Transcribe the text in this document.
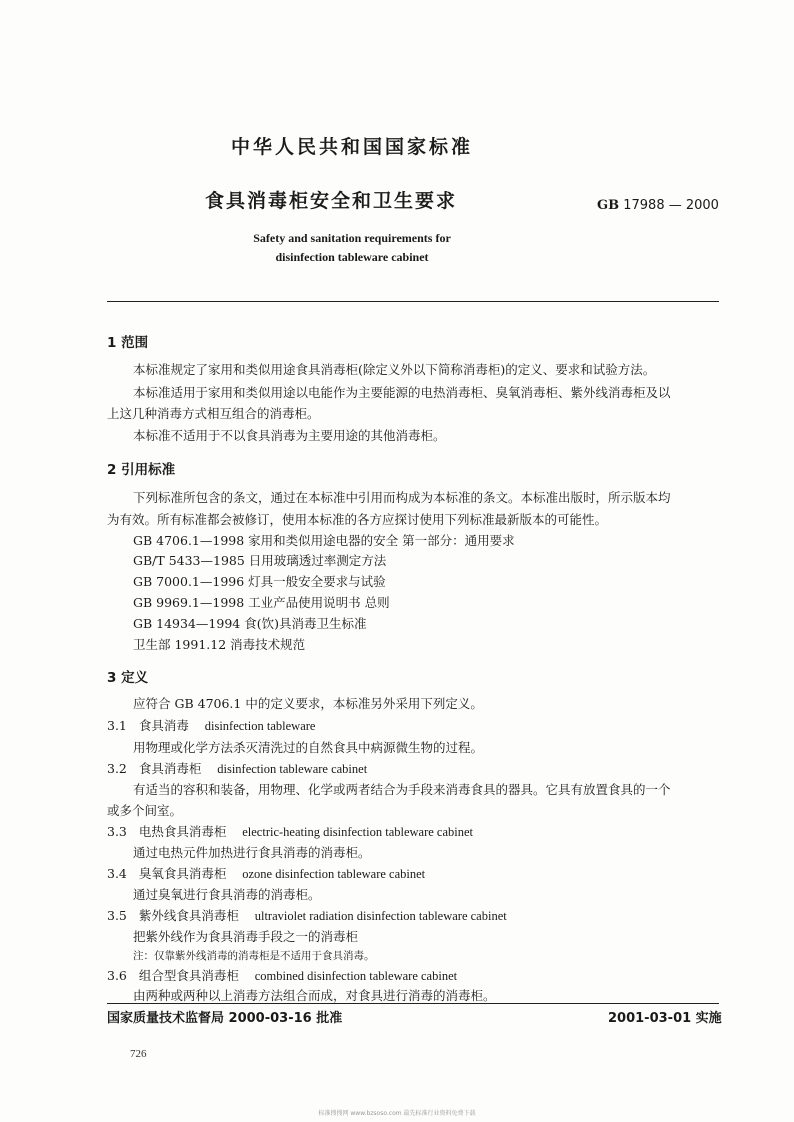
中华人民共和国国家标准
食具消毒柜安全和卫生要求	GB 17988 — 2000
Safety and sanitation requirements for
disinfection tableware cabinet
1 范围
本标准规定了家用和类似用途食具消毒柜(除定义外以下简称消毒柜)的定义、要求和试验方法。
本标准适用于家用和类似用途以电能作为主要能源的电热消毒柜、臭氧消毒柜、紫外线消毒柜及以
上这几种消毒方式相互组合的消毒柜。
本标准不适用于不以食具消毒为主要用途的其他消毒柜。
2 引用标准
下列标准所包含的条文，通过在本标准中引用而构成为本标准的条文。本标准出版时，所示版本均
为有效。所有标准都会被修订，使用本标准的各方应探讨使用下列标准最新版本的可能性。
GB 4706.1—1998 家用和类似用途电器的安全 第一部分：通用要求
GB/T 5433—1985 日用玻璃透过率测定方法
GB 7000.1—1996 灯具一般安全要求与试验
GB 9969.1—1998 工业产品使用说明书 总则
GB 14934—1994 食(饮)具消毒卫生标准
卫生部 1991.12 消毒技术规范
3 定义
应符合 GB 4706.1 中的定义要求，本标准另外采用下列定义。
3.1 食具消毒 disinfection tableware
用物理或化学方法杀灭清洗过的自然食具中病源微生物的过程。
3.2 食具消毒柜 disinfection tableware cabinet
有适当的容积和装备，用物理、化学或两者结合为手段来消毒食具的器具。它具有放置食具的一个
或多个间室。
3.3 电热食具消毒柜 electric-heating disinfection tableware cabinet
通过电热元件加热进行食具消毒的消毒柜。
3.4 臭氧食具消毒柜 ozone disinfection tableware cabinet
通过臭氧进行食具消毒的消毒柜。
3.5 紫外线食具消毒柜 ultraviolet radiation disinfection tableware cabinet
把紫外线作为食具消毒手段之一的消毒柜
注：仅靠紫外线消毒的消毒柜是不适用于食具消毒。
3.6 组合型食具消毒柜 combined disinfection tableware cabinet
由两种或两种以上消毒方法组合而成，对食具进行消毒的消毒柜。
国家质量技术监督局 2000-03-16 批准	2001-03-01 实施
726
标准搜搜网 www.bzsoso.com 最先标准行业资料免费下载
